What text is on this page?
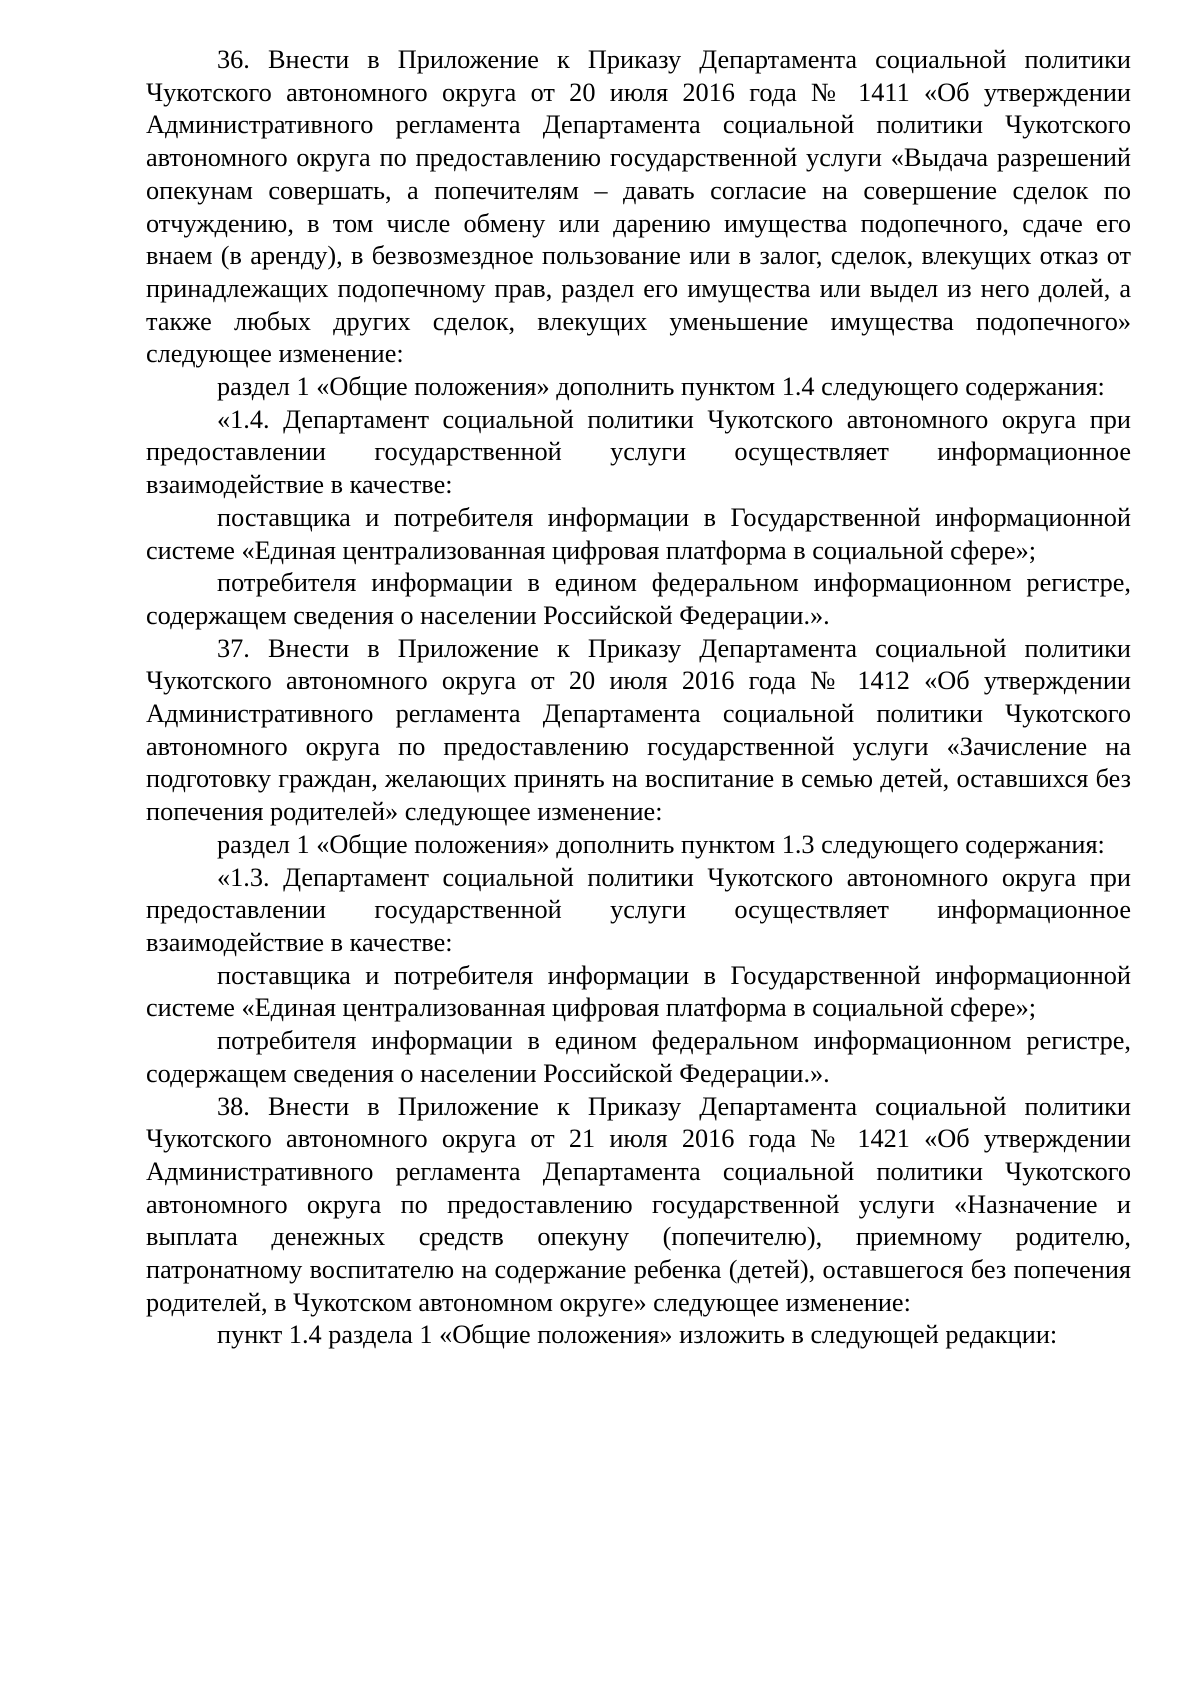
36. Внести в Приложение к Приказу Департамента социальной политики Чукотского автономного округа от 20 июля 2016 года № 1411 «Об утверждении Административного регламента Департамента социальной политики Чукотского автономного округа по предоставлению государственной услуги «Выдача разрешений опекунам совершать, а попечителям – давать согласие на совершение сделок по отчуждению, в том числе обмену или дарению имущества подопечного, сдаче его внаем (в аренду), в безвозмездное пользование или в залог, сделок, влекущих отказ от принадлежащих подопечному прав, раздел его имущества или выдел из него долей, а также любых других сделок, влекущих уменьшение имущества подопечного» следующее изменение:

раздел 1 «Общие положения» дополнить пунктом 1.4 следующего содержания:

«1.4. Департамент социальной политики Чукотского автономного округа при предоставлении государственной услуги осуществляет информационное взаимодействие в качестве:

поставщика и потребителя информации в Государственной информационной системе «Единая централизованная цифровая платформа в социальной сфере»;

потребителя информации в едином федеральном информационном регистре, содержащем сведения о населении Российской Федерации.».

37. Внести в Приложение к Приказу Департамента социальной политики Чукотского автономного округа от 20 июля 2016 года № 1412 «Об утверждении Административного регламента Департамента социальной политики Чукотского автономного округа по предоставлению государственной услуги «Зачисление на подготовку граждан, желающих принять на воспитание в семью детей, оставшихся без попечения родителей» следующее изменение:

раздел 1 «Общие положения» дополнить пунктом 1.3 следующего содержания:

«1.3. Департамент социальной политики Чукотского автономного округа при предоставлении государственной услуги осуществляет информационное взаимодействие в качестве:

поставщика и потребителя информации в Государственной информационной системе «Единая централизованная цифровая платформа в социальной сфере»;

потребителя информации в едином федеральном информационном регистре, содержащем сведения о населении Российской Федерации.».

38. Внести в Приложение к Приказу Департамента социальной политики Чукотского автономного округа от 21 июля 2016 года № 1421 «Об утверждении Административного регламента Департамента социальной политики Чукотского автономного округа по предоставлению государственной услуги «Назначение и выплата денежных средств опекуну (попечителю), приемному родителю, патронатному воспитателю на содержание ребенка (детей), оставшегося без попечения родителей, в Чукотском автономном округе» следующее изменение:

пункт 1.4 раздела 1 «Общие положения» изложить в следующей редакции:
